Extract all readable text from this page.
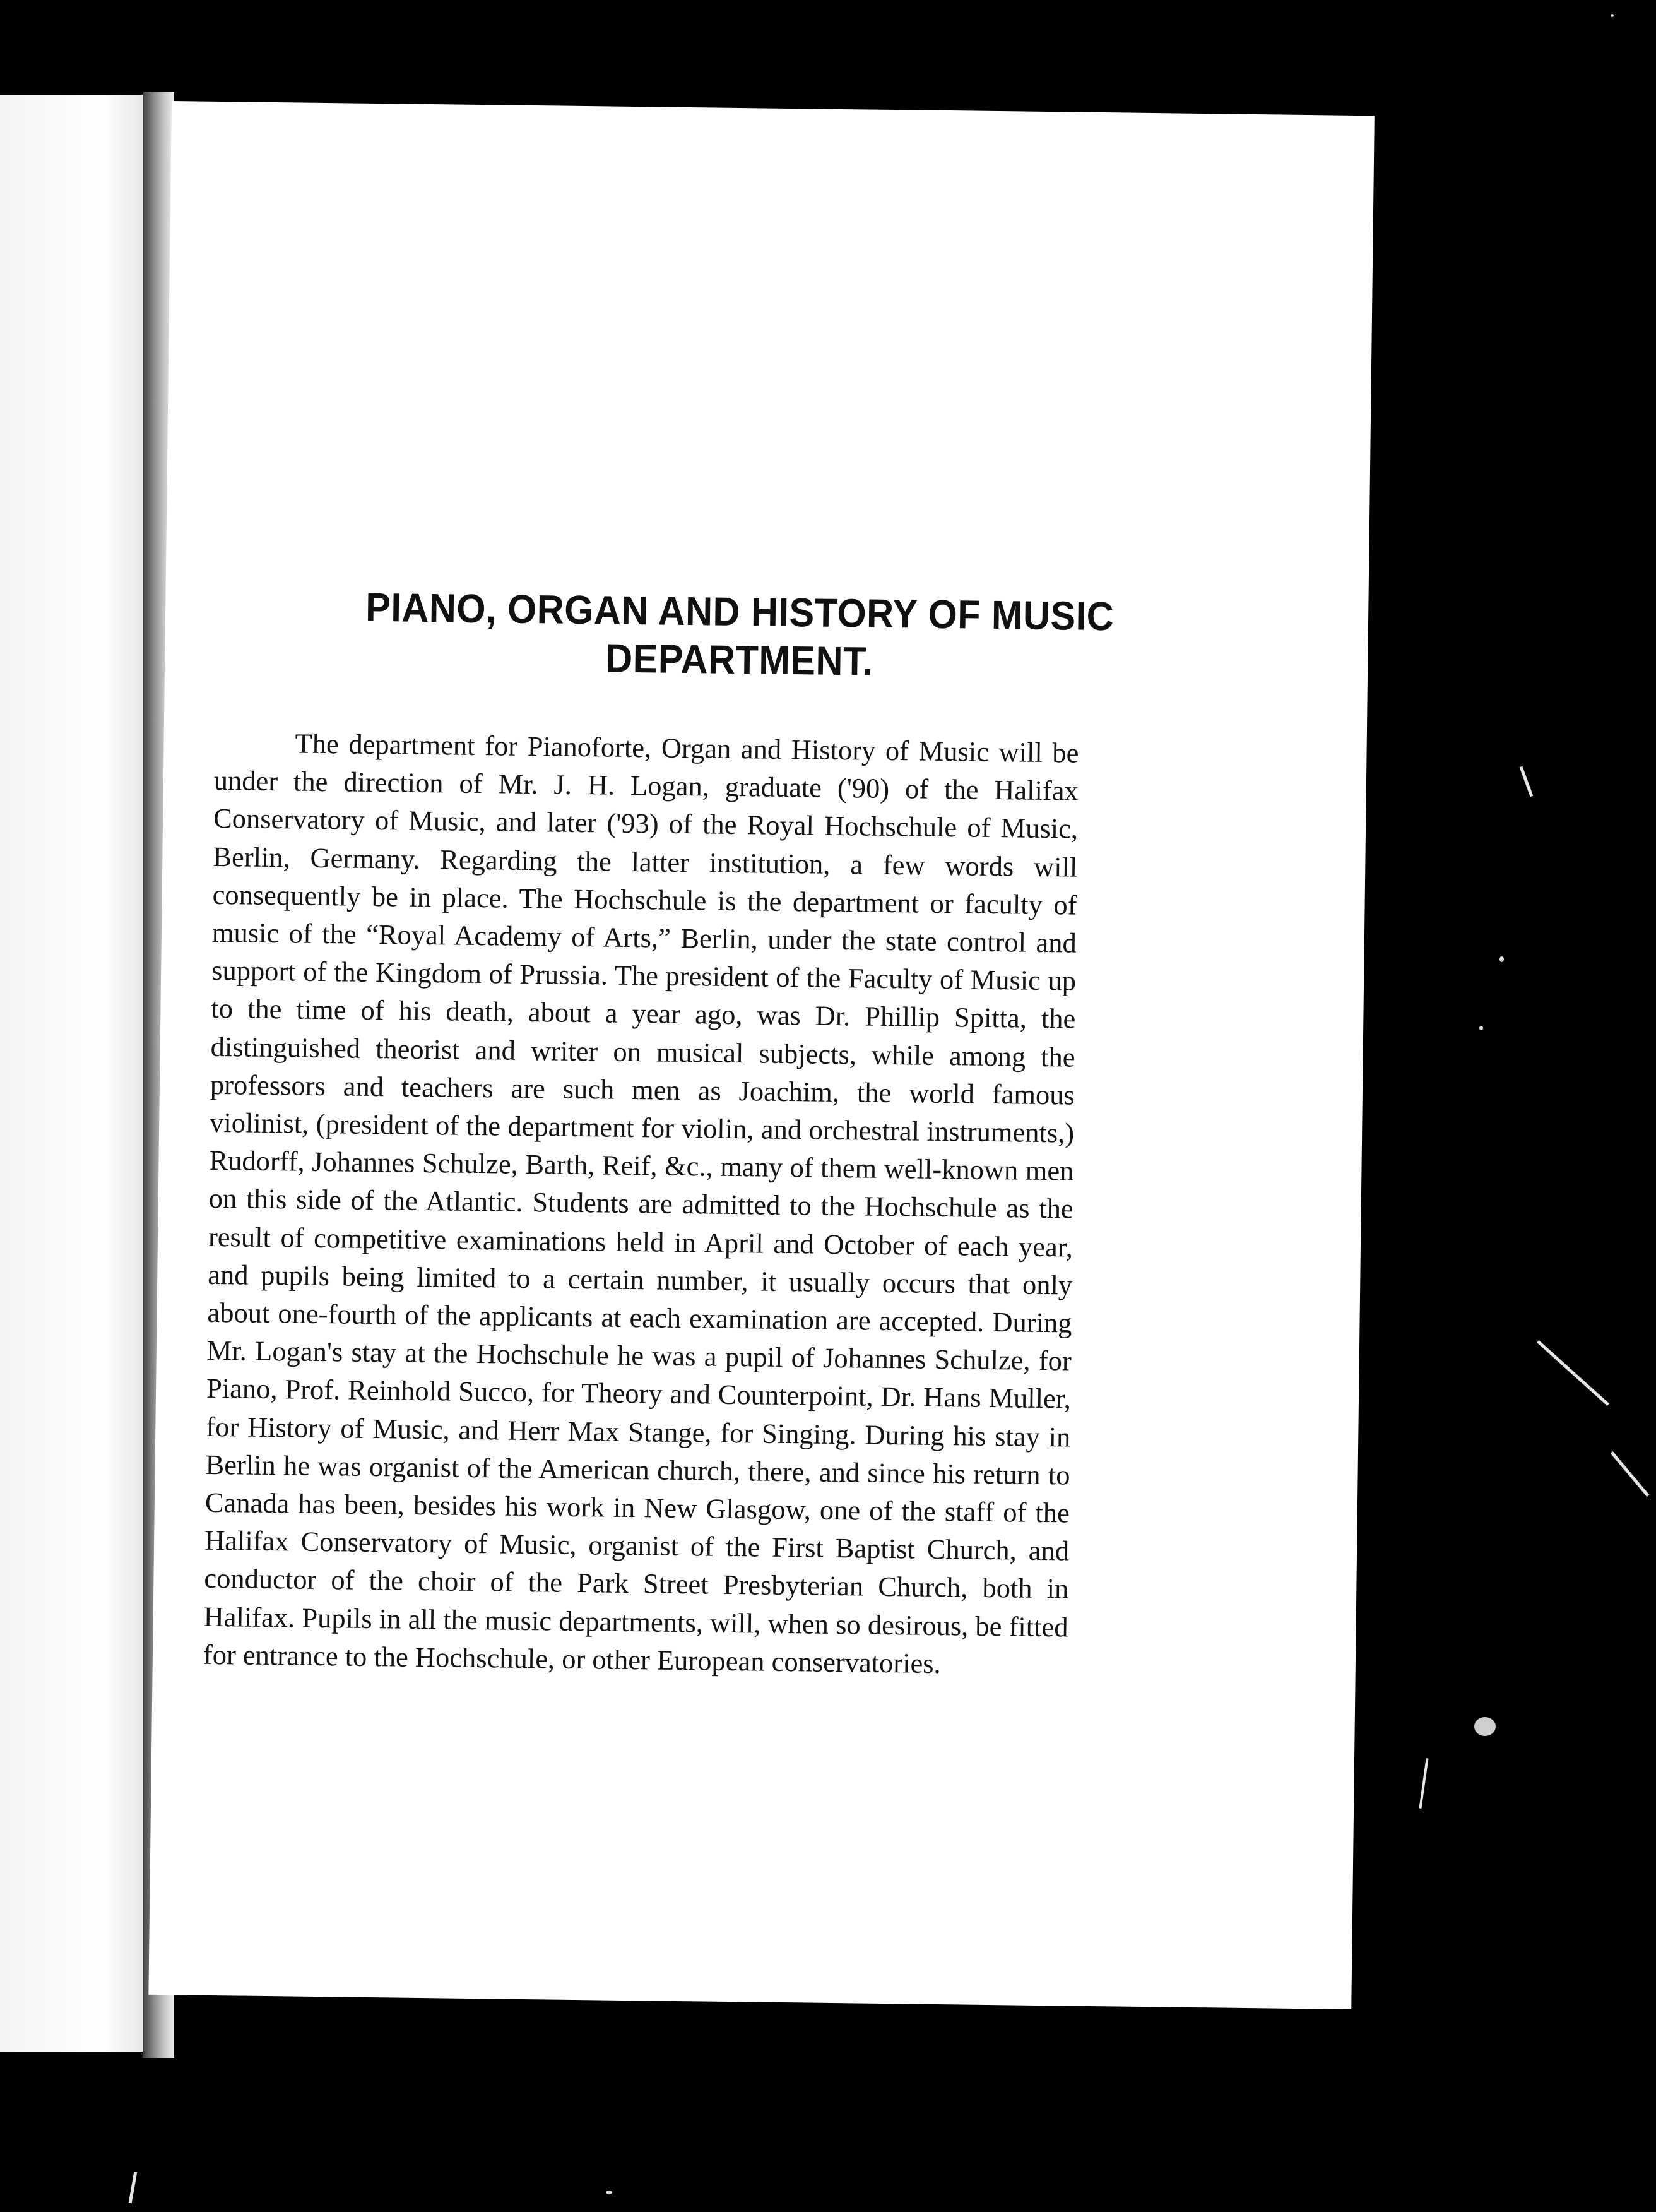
PIANO, ORGAN AND HISTORY OF MUSIC
DEPARTMENT.

The department for Pianoforte, Organ and History of Music will be under the direction of Mr. J. H. Logan, graduate ('90) of the Halifax Conservatory of Music, and later ('93) of the Royal Hochschule of Music, Berlin, Germany. Regarding the latter institution, a few words will consequently be in place. The Hochschule is the department or faculty of music of the “Royal Academy of Arts,” Berlin, under the state control and support of the Kingdom of Prussia. The president of the Faculty of Music up to the time of his death, about a year ago, was Dr. Phillip Spitta, the distinguished theorist and writer on musical subjects, while among the professors and teachers are such men as Joachim, the world famous violinist, (president of the department for violin, and orchestral instruments,) Rudorff, Johannes Schulze, Barth, Reif, &c., many of them well-known men on this side of the Atlantic. Students are admitted to the Hochschule as the result of competitive examinations held in April and October of each year, and pupils being limited to a certain number, it usually occurs that only about one-fourth of the applicants at each examination are accepted. During Mr. Logan's stay at the Hochschule he was a pupil of Johannes Schulze, for Piano, Prof. Reinhold Succo, for Theory and Counterpoint, Dr. Hans Muller, for History of Music, and Herr Max Stange, for Singing. During his stay in Berlin he was organist of the American church, there, and since his return to Canada has been, besides his work in New Glasgow, one of the staff of the Halifax Conservatory of Music, organist of the First Baptist Church, and conductor of the choir of the Park Street Presbyterian Church, both in Halifax. Pupils in all the music departments, will, when so desirous, be fitted for entrance to the Hochschule, or other European conservatories.
